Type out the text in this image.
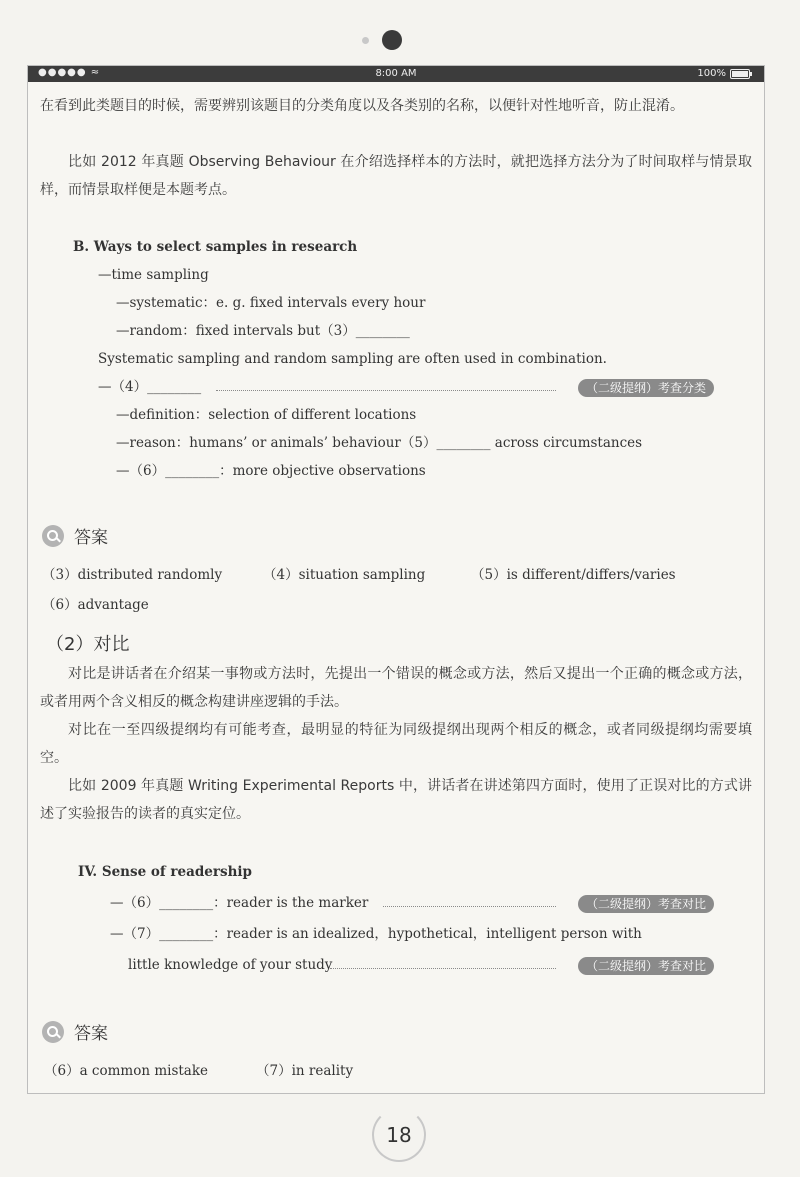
●●●●● ≈	8:00 AM	100%
在看到此类题目的时候，需要辨别该题目的分类角度以及各类别的名称，以便针对性地听音，防止混淆。
比如 2012 年真题 Observing Behaviour 在介绍选择样本的方法时，就把选择方法分为了时间取样与情景取样，而情景取样便是本题考点。
B. Ways to select samples in research
—time sampling
—systematic：e. g. fixed intervals every hour
—random：fixed intervals but（3）________
Systematic sampling and random sampling are often used in combination.
—（4）________	（二级提纲）考查分类
—definition：selection of different locations
—reason：humans’ or animals’ behaviour（5）________ across circumstances
—（6）________：more objective observations
答案
（3）distributed randomly	（4）situation sampling	（5）is different/differs/varies
（6）advantage
（2）对比
对比是讲话者在介绍某一事物或方法时，先提出一个错误的概念或方法，然后又提出一个正确的概念或方法，或者用两个含义相反的概念构建讲座逻辑的手法。
对比在一至四级提纲均有可能考查，最明显的特征为同级提纲出现两个相反的概念，或者同级提纲均需要填空。
比如 2009 年真题 Writing Experimental Reports 中，讲话者在讲述第四方面时，使用了正误对比的方式讲述了实验报告的读者的真实定位。
IV. Sense of readership
—（6）________：reader is the marker	（二级提纲）考查对比
—（7）________：reader is an idealized，hypothetical，intelligent person with
little knowledge of your study	（二级提纲）考查对比
答案
（6）a common mistake	（7）in reality
18
